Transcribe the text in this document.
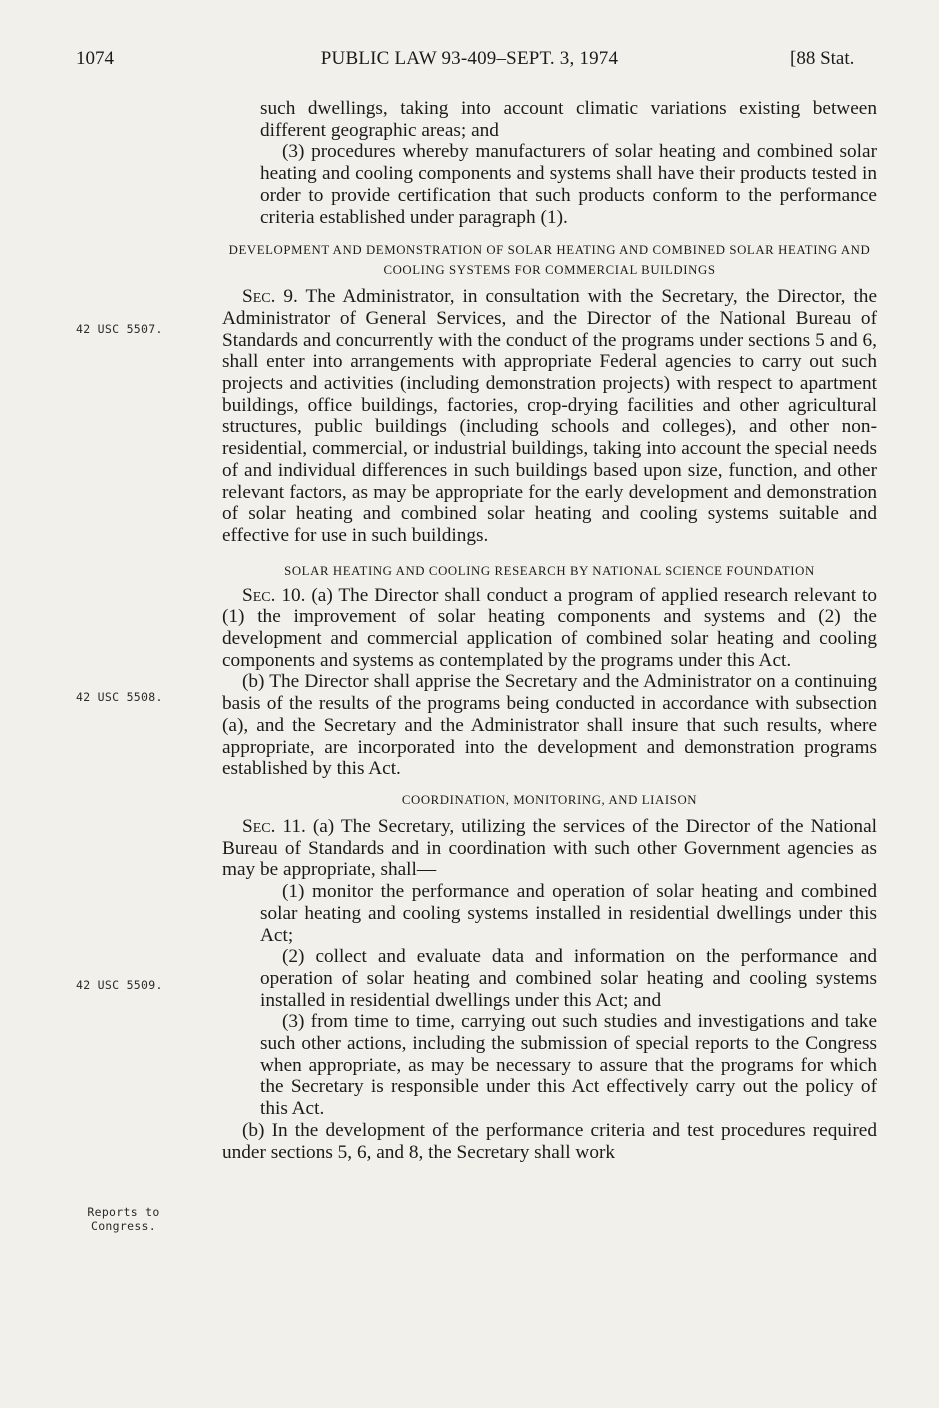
1074	PUBLIC LAW 93-409–SEPT. 3, 1974	[88 Stat.
42 USC 5507.
42 USC 5508.
42 USC 5509.
Reports to Congress.

such dwellings, taking into account climatic variations existing between different geographic areas; and

(3) procedures whereby manufacturers of solar heating and combined solar heating and cooling components and systems shall have their products tested in order to provide certification that such products conform to the performance criteria established under paragraph (1).

DEVELOPMENT AND DEMONSTRATION OF SOLAR HEATING AND COMBINED SOLAR HEATING AND COOLING SYSTEMS FOR COMMERCIAL BUILDINGS

Sec. 9. The Administrator, in consultation with the Secretary, the Director, the Administrator of General Services, and the Director of the National Bureau of Standards and concurrently with the conduct of the programs under sections 5 and 6, shall enter into arrangements with appropriate Federal agencies to carry out such projects and activities (including demonstration projects) with respect to apartment buildings, office buildings, factories, crop-drying facilities and other agricultural structures, public buildings (including schools and colleges), and other non-residential, commercial, or industrial buildings, taking into account the special needs of and individual differences in such buildings based upon size, function, and other relevant factors, as may be appropriate for the early development and demonstration of solar heating and combined solar heating and cooling systems suitable and effective for use in such buildings.

SOLAR HEATING AND COOLING RESEARCH BY NATIONAL SCIENCE FOUNDATION

Sec. 10. (a) The Director shall conduct a program of applied research relevant to (1) the improvement of solar heating components and systems and (2) the development and commercial application of combined solar heating and cooling components and systems as contemplated by the programs under this Act.

(b) The Director shall apprise the Secretary and the Administrator on a continuing basis of the results of the programs being conducted in accordance with subsection (a), and the Secretary and the Administrator shall insure that such results, where appropriate, are incorporated into the development and demonstration programs established by this Act.

COORDINATION, MONITORING, AND LIAISON

Sec. 11. (a) The Secretary, utilizing the services of the Director of the National Bureau of Standards and in coordination with such other Government agencies as may be appropriate, shall—

(1) monitor the performance and operation of solar heating and combined solar heating and cooling systems installed in residential dwellings under this Act;

(2) collect and evaluate data and information on the performance and operation of solar heating and combined solar heating and cooling systems installed in residential dwellings under this Act; and

(3) from time to time, carrying out such studies and investigations and take such other actions, including the submission of special reports to the Congress when appropriate, as may be necessary to assure that the programs for which the Secretary is responsible under this Act effectively carry out the policy of this Act.

(b) In the development of the performance criteria and test procedures required under sections 5, 6, and 8, the Secretary shall work
